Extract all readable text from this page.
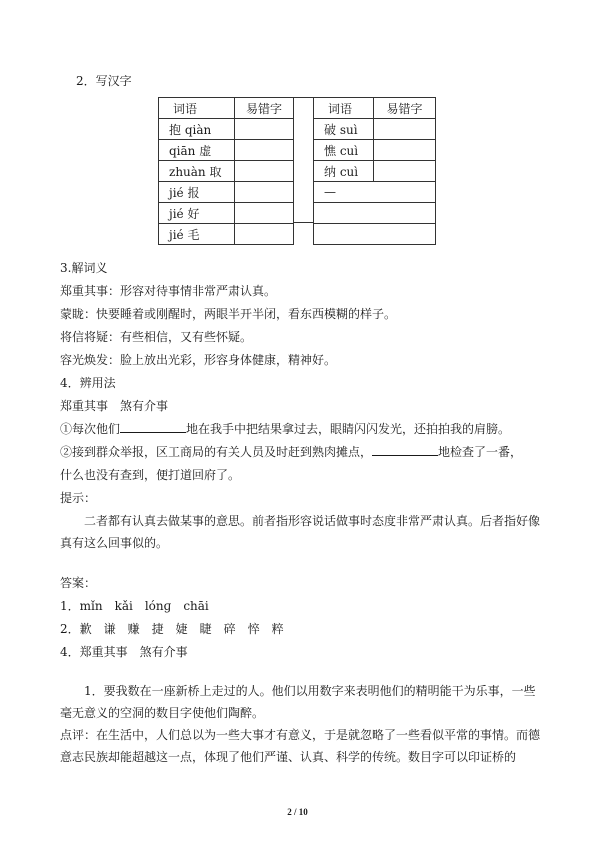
2．写汉字
词语	易错字
抱 qiàn	
qiān 虚	
zhuàn 取	
jié 报	
jié 好	
jié 毛	
词语	易错字
破 suì	
憔 cuì	
纳 cuì	
—	

3.解词义
郑重其事：形容对待事情非常严肃认真。
蒙眬：快要睡着或刚醒时，两眼半开半闭，看东西模糊的样子。
将信将疑：有些相信，又有些怀疑。
容光焕发：脸上放出光彩，形容身体健康，精神好。
4．辨用法
郑重其事　煞有介事
①每次他们	地在我手中把结果拿过去，眼睛闪闪发光，还拍拍我的肩膀。
②接到群众举报，区工商局的有关人员及时赶到熟肉摊点，	地检查了一番，
什么也没有查到，便打道回府了。
提示：
二者都有认真去做某事的意思。前者指形容说话做事时态度非常严肃认真。后者指好像真有这么回事似的。
答案：
1．mǐn　kǎi　lónɡ　chāi
2．歉　谦　赚　捷　婕　睫　碎　悴　粹
4．郑重其事　煞有介事
1．要我数在一座新桥上走过的人。他们以用数字来表明他们的精明能干为乐事，一些毫无意义的空洞的数目字使他们陶醉。
点评：在生活中，人们总以为一些大事才有意义，于是就忽略了一些看似平常的事情。而德意志民族却能超越这一点，体现了他们严谨、认真、科学的传统。数目字可以印证桥的
2 / 10
